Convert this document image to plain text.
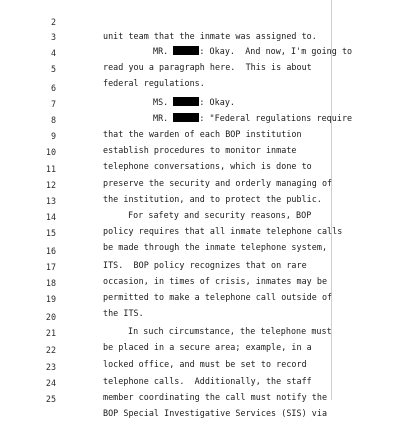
2

unit team that the inmate was assigned to.

3

MR.	: Okay.  And now, I'm going to

4

read you a paragraph here.  This is about

5

federal regulations.

6

MS.	: Okay.

7

MR.	: "Federal regulations require

8

that the warden of each BOP institution

9

establish procedures to monitor inmate

10

telephone conversations, which is done to

11

preserve the security and orderly managing of

12

the institution, and to protect the public.

13

For safety and security reasons, BOP

14

policy requires that all inmate telephone calls

15

be made through the inmate telephone system,

16

ITS.  BOP policy recognizes that on rare

17

occasion, in times of crisis, inmates may be

18

permitted to make a telephone call outside of

19

the ITS.

20

In such circumstance, the telephone must

21

be placed in a secure area; example, in a

22

locked office, and must be set to record

23

telephone calls.  Additionally, the staff

24

member coordinating the call must notify the

25

BOP Special Investigative Services (SIS) via
